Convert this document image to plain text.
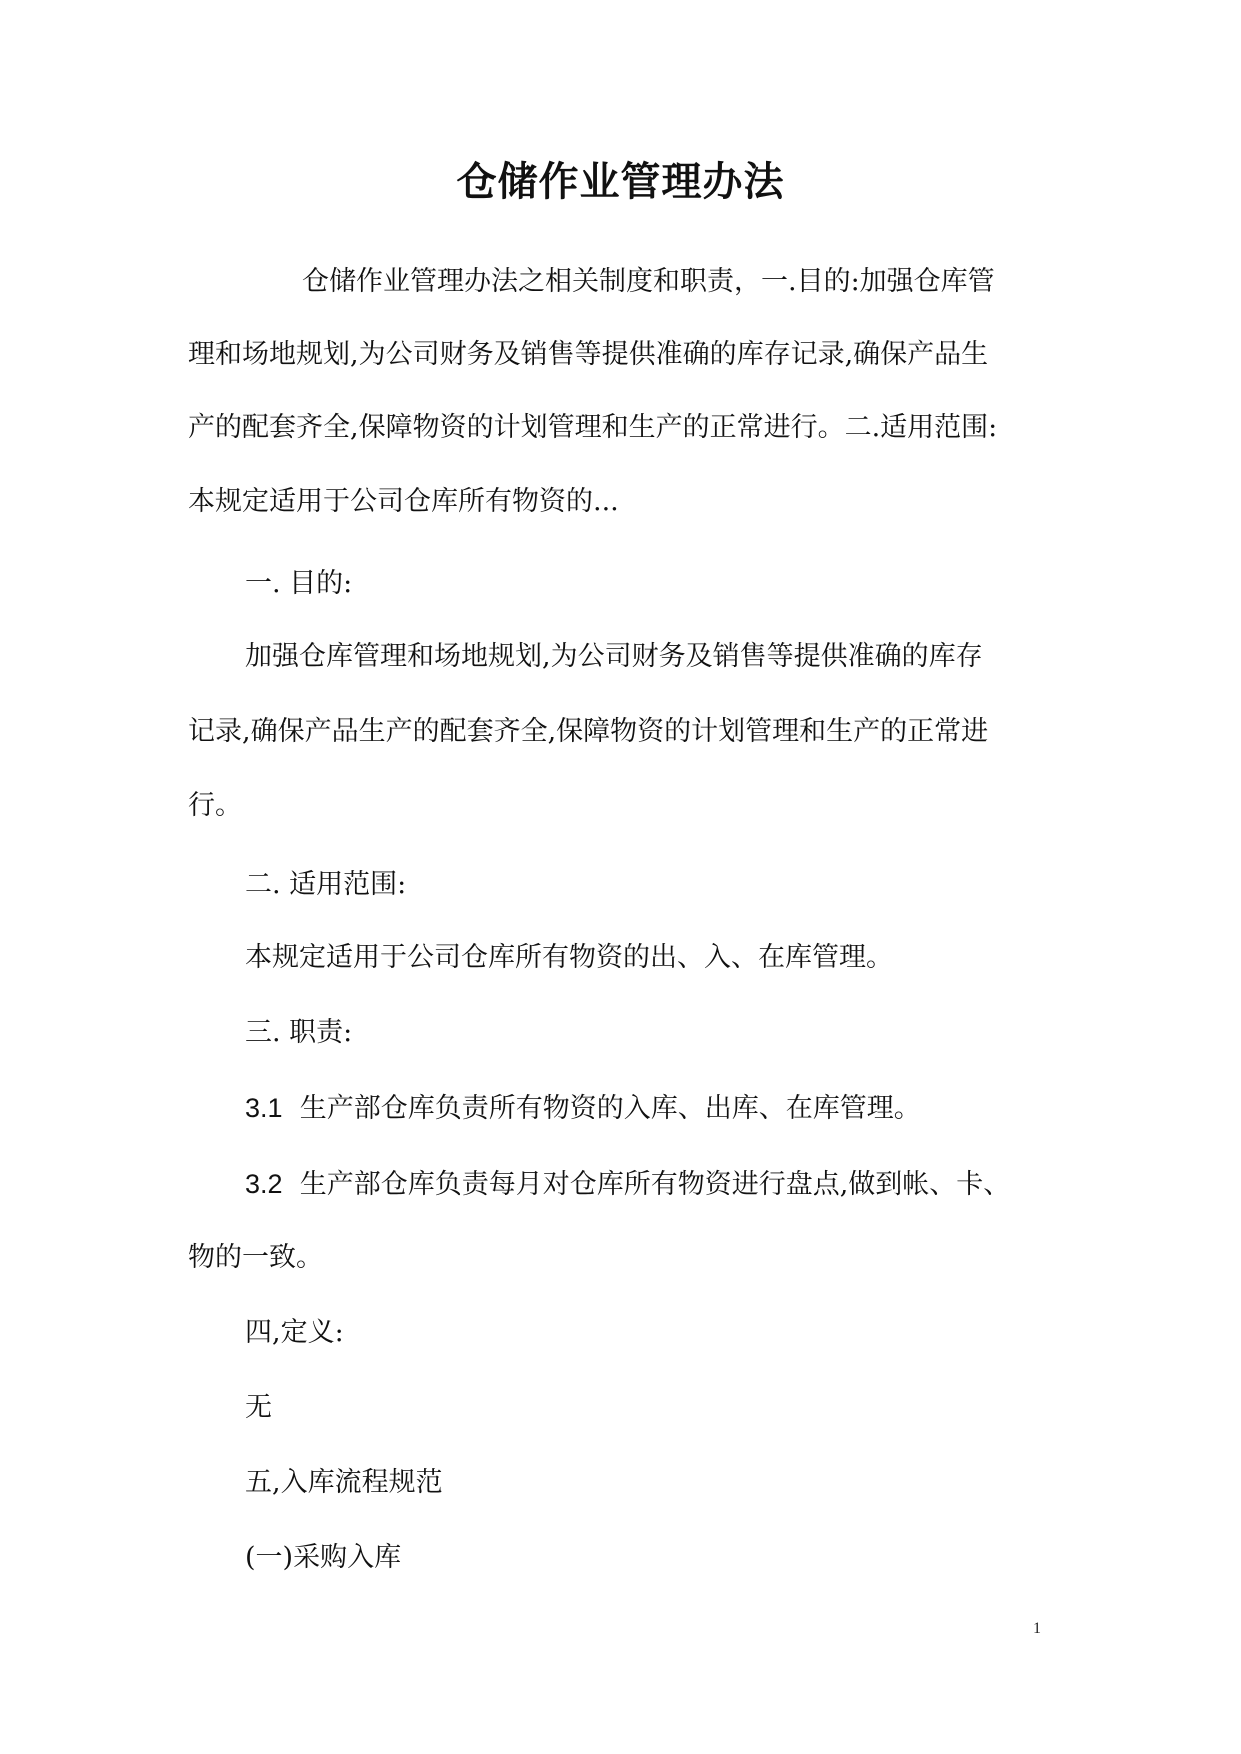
仓储作业管理办法
仓储作业管理办法之相关制度和职责，一.目的:加强仓库管
理和场地规划,为公司财务及销售等提供准确的库存记录,确保产品生
产的配套齐全,保障物资的计划管理和生产的正常进行。二.适用范围:
本规定适用于公司仓库所有物资的...
一. 目的:
加强仓库管理和场地规划,为公司财务及销售等提供准确的库存
记录,确保产品生产的配套齐全,保障物资的计划管理和生产的正常进
行。
二. 适用范围:
本规定适用于公司仓库所有物资的出、入、在库管理。
三. 职责:
3.1 生产部仓库负责所有物资的入库、出库、在库管理。
3.2 生产部仓库负责每月对仓库所有物资进行盘点,做到帐、卡、
物的一致。
四,定义:
无
五,入库流程规范
(一)采购入库
1
